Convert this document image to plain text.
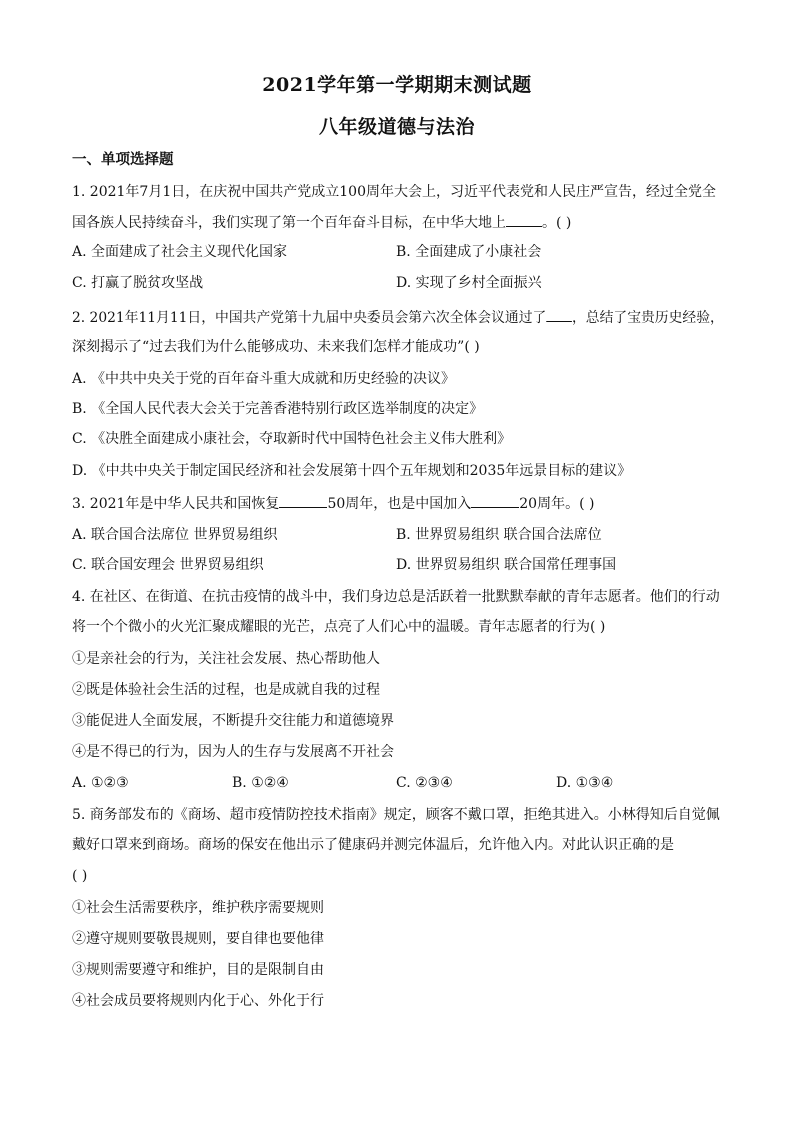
2021学年第一学期期末测试题
八年级道德与法治
一、单项选择题
1. 2021年7月1日，在庆祝中国共产党成立100周年大会上，习近平代表党和人民庄严宣告，经过全党全
国各族人民持续奋斗，我们实现了第一个百年奋斗目标，在中华大地上	。( )
A. 全面建成了社会主义现代化国家	B. 全面建成了小康社会
C. 打赢了脱贫攻坚战	D. 实现了乡村全面振兴
2. 2021年11月11日，中国共产党第十九届中央委员会第六次全体会议通过了 ，总结了宝贵历史经验，
深刻揭示了“过去我们为什么能够成功、未来我们怎样才能成功”( )
A. 《中共中央关于党的百年奋斗重大成就和历史经验的决议》
B. 《全国人民代表大会关于完善香港特别行政区选举制度的决定》
C. 《决胜全面建成小康社会，夺取新时代中国特色社会主义伟大胜利》
D. 《中共中央关于制定国民经济和社会发展第十四个五年规划和2035年远景目标的建议》
3. 2021年是中华人民共和国恢复	50周年，也是中国加入	20周年。( )
A. 联合国合法席位 世界贸易组织	B. 世界贸易组织 联合国合法席位
C. 联合国安理会 世界贸易组织	D. 世界贸易组织 联合国常任理事国
4. 在社区、在街道、在抗击疫情的战斗中，我们身边总是活跃着一批默默奉献的青年志愿者。他们的行动
将一个个微小的火光汇聚成耀眼的光芒，点亮了人们心中的温暖。青年志愿者的行为( )
①是亲社会的行为，关注社会发展、热心帮助他人
②既是体验社会生活的过程，也是成就自我的过程
③能促进人全面发展，不断提升交往能力和道德境界
④是不得已的行为，因为人的生存与发展离不开社会
A. ①②③	B. ①②④	C. ②③④	D. ①③④
5. 商务部发布的《商场、超市疫情防控技术指南》规定，顾客不戴口罩，拒绝其进入。小林得知后自觉佩
戴好口罩来到商场。商场的保安在他出示了健康码并测完体温后，允许他入内。对此认识正确的是
( )
①社会生活需要秩序，维护秩序需要规则
②遵守规则要敬畏规则，要自律也要他律
③规则需要遵守和维护，目的是限制自由
④社会成员要将规则内化于心、外化于行
